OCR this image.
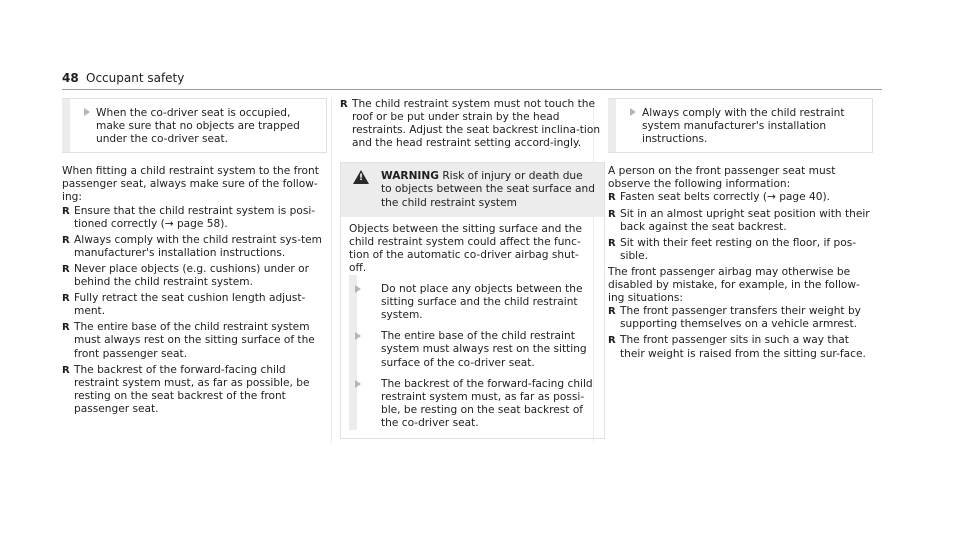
48 Occupant safety

When the co-driver seat is occupied, make sure that no objects are trapped under the co-driver seat.

When fitting a child restraint system to the front passenger seat, always make sure of the follow-ing:

R Ensure that the child restraint system is posi-tioned correctly (→ page 58).
R Always comply with the child restraint sys-tem manufacturer's installation instructions.
R Never place objects (e.g. cushions) under or behind the child restraint system.
R Fully retract the seat cushion length adjust-ment.
R The entire base of the child restraint system must always rest on the sitting surface of the front passenger seat.
R The backrest of the forward-facing child restraint system must, as far as possible, be resting on the seat backrest of the front passenger seat.
R The child restraint system must not touch the roof or be put under strain by the head restraints. Adjust the seat backrest inclina-tion and the head restraint setting accord-ingly.
! WARNING Risk of injury or death due to objects between the seat surface and the child restraint system

Objects between the sitting surface and the child restraint system could affect the func-tion of the automatic co-driver airbag shut-off.

Do not place any objects between the sitting surface and the child restraint system.

The entire base of the child restraint system must always rest on the sitting surface of the co-driver seat.

The backrest of the forward-facing child restraint system must, as far as possi-ble, be resting on the seat backrest of the co-driver seat.

Always comply with the child restraint system manufacturer's installation instructions.

A person on the front passenger seat must observe the following information:

R Fasten seat belts correctly (→ page 40).
R Sit in an almost upright seat position with their back against the seat backrest.
R Sit with their feet resting on the floor, if pos-sible.

The front passenger airbag may otherwise be disabled by mistake, for example, in the follow-ing situations:

R The front passenger transfers their weight by supporting themselves on a vehicle armrest.
R The front passenger sits in such a way that their weight is raised from the sitting sur-face.
